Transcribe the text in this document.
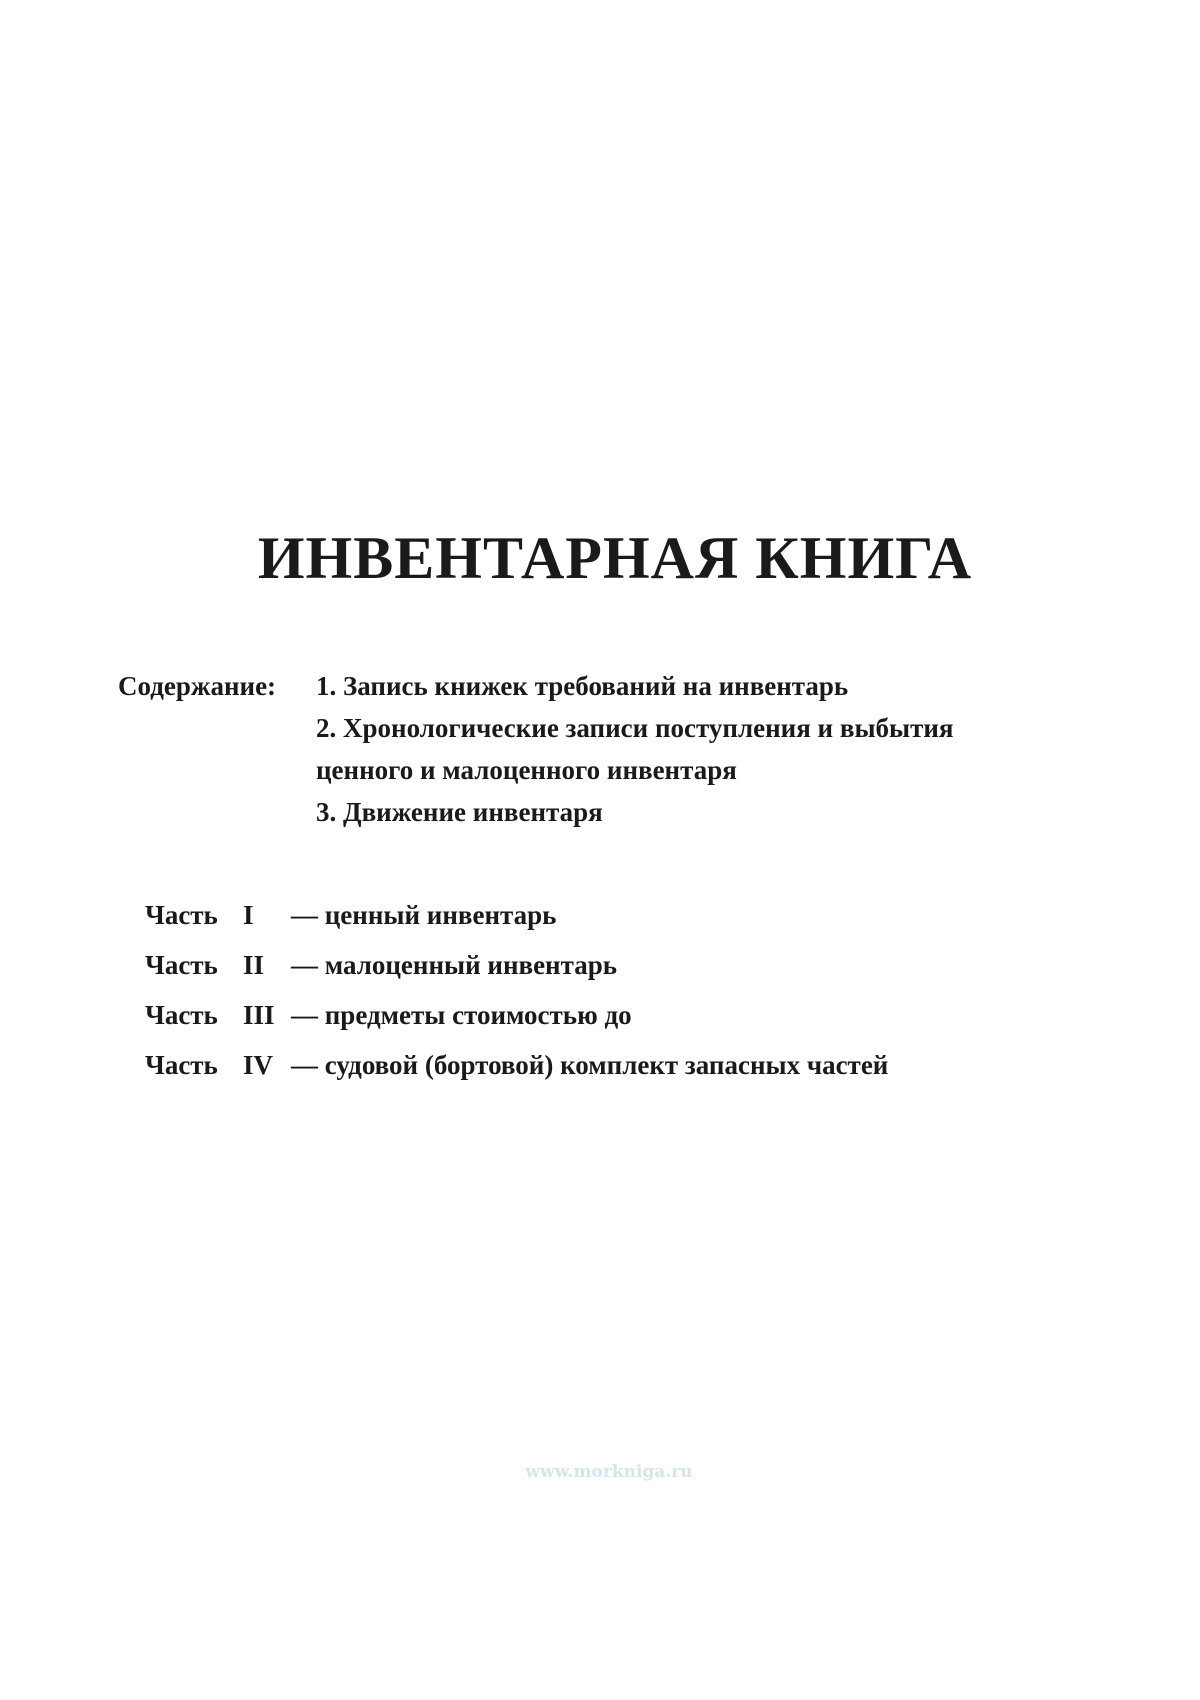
ИНВЕНТАРНАЯ КНИГА
Содержание: 1. Запись книжек требований на инвентарь
2. Хронологические записи поступления и выбытия
ценного и малоценного инвентаря
3. Движение инвентаря
Часть I — ценный инвентарь
Часть II — малоценный инвентарь
Часть III — предметы стоимостью до
Часть IV — судовой (бортовой) комплект запасных частей
www.morkniga.ru
